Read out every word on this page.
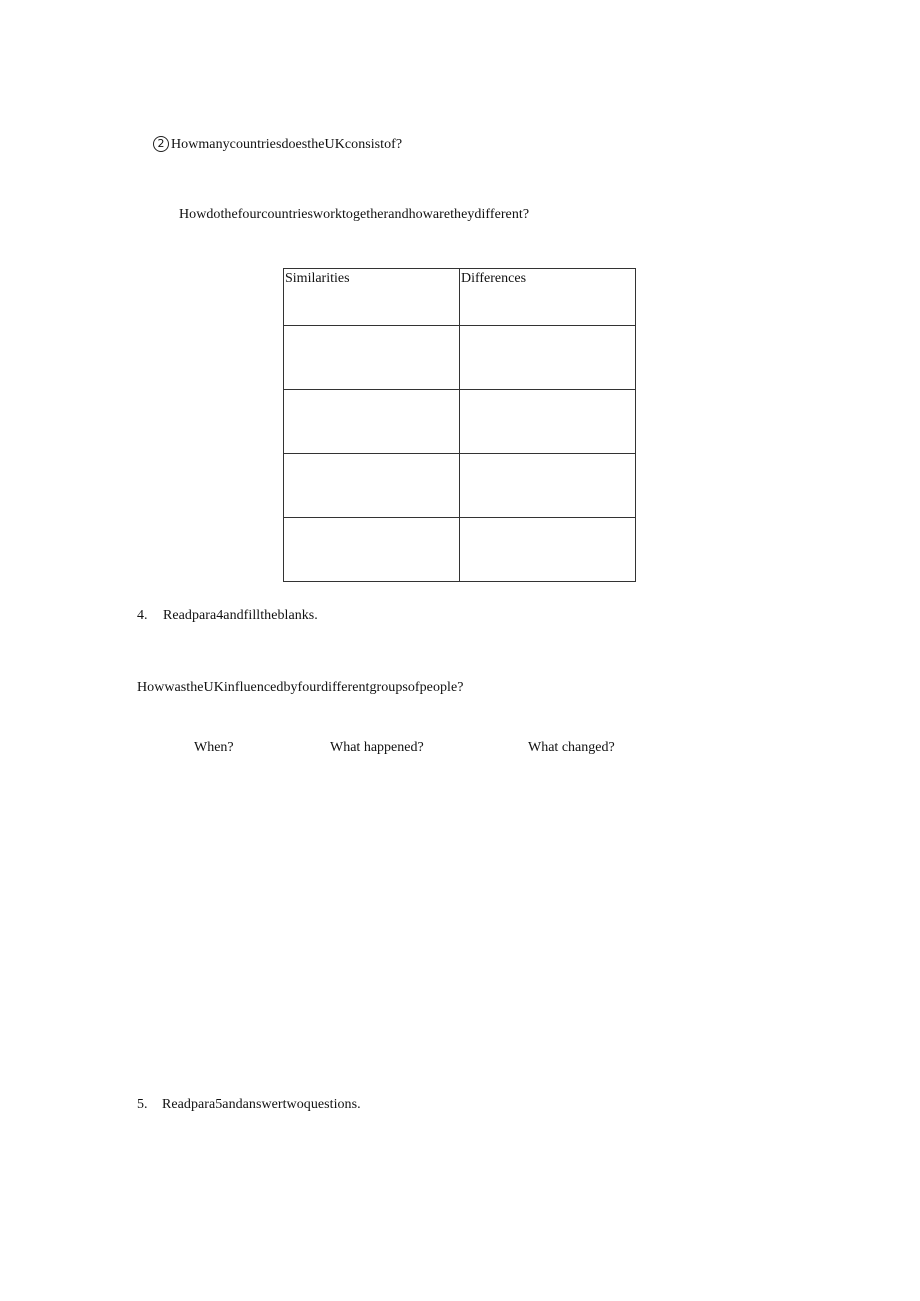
2 HowmanycountriesdoestheUKconsistof?
Howdothefourcountriesworktogetherandhowaretheydifferent?
Similarities	Differences

4. Readpara4andfilltheblanks.
HowwastheUKinfluencedbyfourdifferentgroupsofpeople?
When?	What happened?	What changed?
5. Readpara5andanswertwoquestions.
